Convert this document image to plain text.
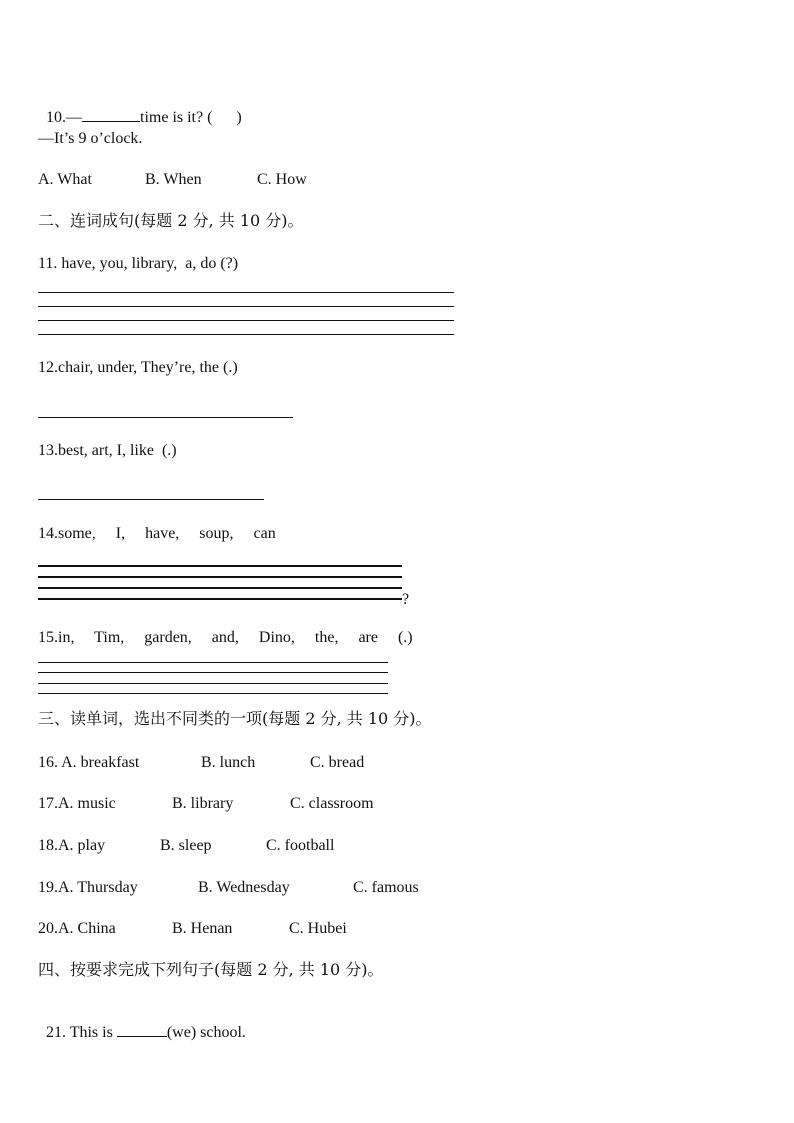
10.—	time is it? (      )

—It’s 9 o’clock.
A. What	B. When	C. How
二、连词成句(每题 2 分, 共 10 分)。
11. have, you, library,  a, do (?)
12.chair, under, They’re, the (.)
13.best, art, I, like  (.)
14.some,     I,     have,     soup,     can
?
15.in,     Tim,     garden,     and,     Dino,     the,     are     (.)
三、读单词，选出不同类的一项(每题 2 分, 共 10 分)。
16. A. breakfast	B. lunch	C. bread
17.A. music	B. library	C. classroom
18.A. play	B. sleep	C. football
19.A. Thursday	B. Wednesday	C. famous
20.A. China	B. Henan	C. Hubei
四、按要求完成下列句子(每题 2 分, 共 10 分)。

21. This is	(we) school.
